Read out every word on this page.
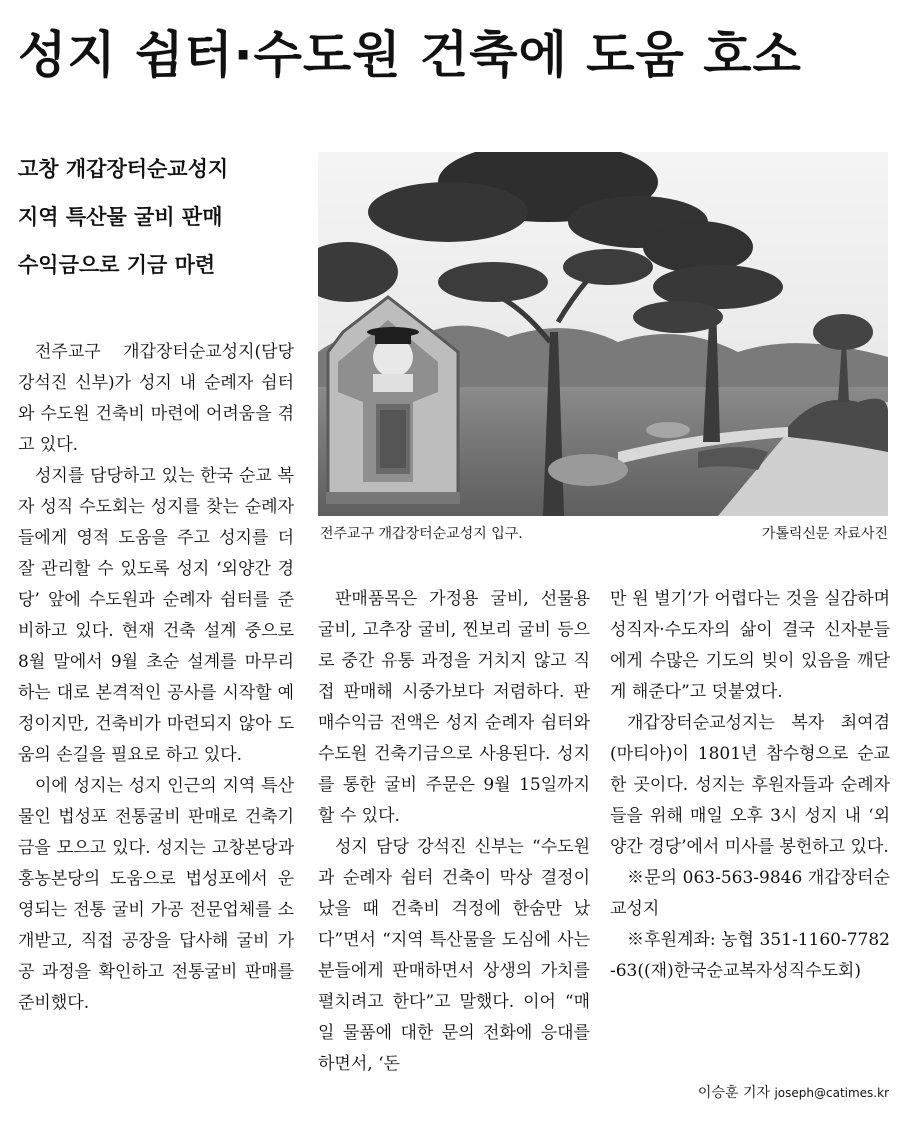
성지 쉼터·수도원 건축에 도움 호소
고창 개갑장터순교성지
지역 특산물 굴비 판매
수익금으로 기금 마련
전주교구 개갑장터순교성지 입구.	가톨릭신문 자료사진

전주교구 개갑장터순교성지(담당 강석진 신부)가 성지 내 순례자 쉼터와 수도원 건축비 마련에 어려움을 겪고 있다.

성지를 담당하고 있는 한국 순교 복자 성직 수도회는 성지를 찾는 순례자들에게 영적 도움을 주고 성지를 더 잘 관리할 수 있도록 성지 ‘외양간 경당’ 앞에 수도원과 순례자 쉼터를 준비하고 있다. 현재 건축 설계 중으로 8월 말에서 9월 초순 설계를 마무리하는 대로 본격적인 공사를 시작할 예정이지만, 건축비가 마련되지 않아 도움의 손길을 필요로 하고 있다.

이에 성지는 성지 인근의 지역 특산물인 법성포 전통굴비 판매로 건축기금을 모으고 있다. 성지는 고창본당과 홍농본당의 도움으로 법성포에서 운영되는 전통 굴비 가공 전문업체를 소개받고, 직접 공장을 답사해 굴비 가공 과정을 확인하고 전통굴비 판매를 준비했다.

판매품목은 가정용 굴비, 선물용 굴비, 고추장 굴비, 찐보리 굴비 등으로 중간 유통 과정을 거치지 않고 직접 판매해 시중가보다 저렴하다. 판매수익금 전액은 성지 순례자 쉼터와 수도원 건축기금으로 사용된다. 성지를 통한 굴비 주문은 9월 15일까지 할 수 있다.

성지 담당 강석진 신부는 “수도원과 순례자 쉼터 건축이 막상 결정이 났을 때 건축비 걱정에 한숨만 났다”면서 “지역 특산물을 도심에 사는 분들에게 판매하면서 상생의 가치를 펼치려고 한다”고 말했다. 이어 “매일 물품에 대한 문의 전화에 응대를 하면서, ‘돈

만 원 벌기’가 어렵다는 것을 실감하며 성직자·수도자의 삶이 결국 신자분들에게 수많은 기도의 빚이 있음을 깨닫게 해준다”고 덧붙였다.

개갑장터순교성지는 복자 최여겸(마티아)이 1801년 참수형으로 순교한 곳이다. 성지는 후원자들과 순례자들을 위해 매일 오후 3시 성지 내 ‘외양간 경당’에서 미사를 봉헌하고 있다.

※문의 063-563-9846 개갑장터순교성지

※후원계좌: 농협 351-1160-7782-63((재)한국순교복자성직수도회)

이승훈 기자 joseph@catimes.kr
